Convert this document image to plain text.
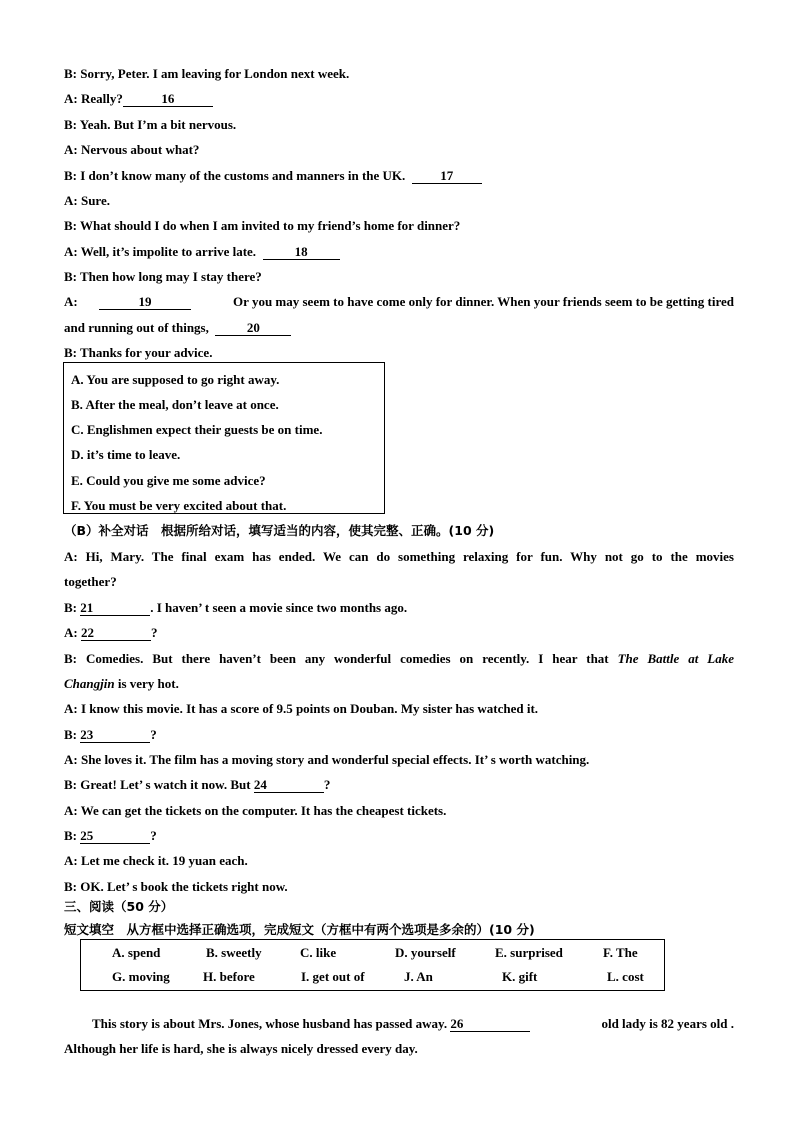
B: Sorry, Peter. I am leaving for London next week.
A: Really?	16
B: Yeah. But I’m a bit nervous.
A: Nervous about what?
B: I don’t know many of the customs and manners in the UK.	17
A: Sure.
B: What should I do when I am invited to my friend’s home for dinner?
A: Well, it’s impolite to arrive late.	18
B: Then how long may I stay there?
A:	19	Or you may seem to have come only for dinner. When your friends seem to be getting tired
and running out of things,	20
B: Thanks for your advice.
A. You are supposed to go right away.
B. After the meal, don’t leave at once.
C. Englishmen expect their guests be on time.
D. it’s time to leave.
E. Could you give me some advice?
F. You must be very excited about that.
（B）补全对话　根据所给对话，填写适当的内容，使其完整、正确。(10 分)
A: Hi, Mary. The final exam has ended. We can do something relaxing for fun. Why not go to the movies
together?
B: 21	. I haven’ t seen a movie since two months ago.
A: 22	?
B: Comedies. But there haven’t been any wonderful comedies on recently. I hear that The Battle at Lake
Changjin is very hot.
A: I know this movie. It has a score of 9.5 points on Douban. My sister has watched it.
B: 23	?
A: She loves it. The film has a moving story and wonderful special effects. It’ s worth watching.
B: Great! Let’ s watch it now. But 24	?
A: We can get the tickets on the computer. It has the cheapest tickets.
B: 25	?
A: Let me check it. 19 yuan each.
B: OK. Let’ s book the tickets right now.
三、阅读（50 分）
短文填空　从方框中选择正确选项，完成短文（方框中有两个选项是多余的）(10 分)
A. spend	B. sweetly	C. like	D. yourself	E. surprised	F. The
G. moving	H. before	I. get out of	J. An	K. gift	L. cost
This story is about Mrs. Jones, whose husband has passed away. 26	old lady is 82 years old .
Although her life is hard, she is always nicely dressed every day.
